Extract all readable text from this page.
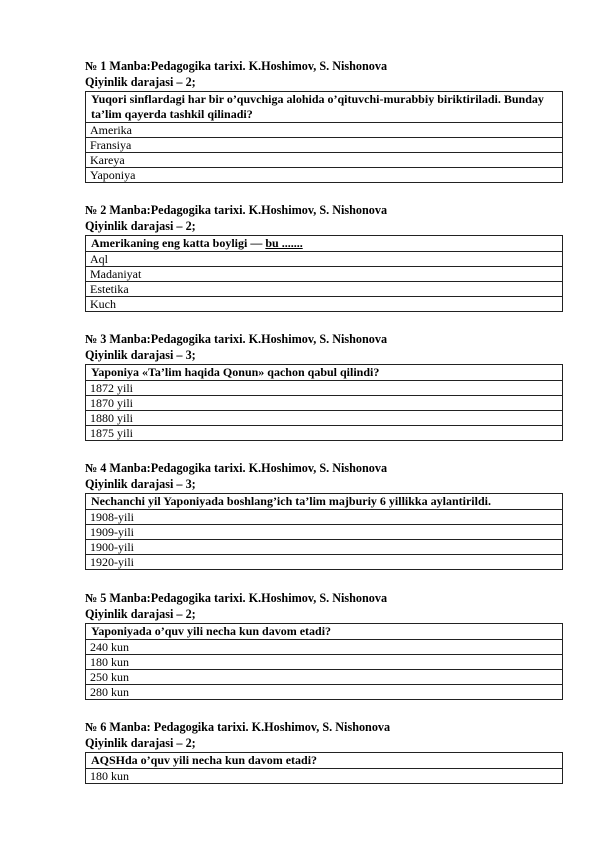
№ 1 Manba:Pedagogika tarixi. K.Hoshimov, S. Nishonova
Qiyinlik darajasi – 2;
Yuqori sinflardagi har bir o’quvchiga alohida o’qituvchi-murabbiy biriktiriladi. Bunday ta’lim qayerda tashkil qilinadi?
Amerika
Fransiya
Kareya
Yaponiya
№ 2 Manba:Pedagogika tarixi. K.Hoshimov, S. Nishonova
Qiyinlik darajasi – 2;
Amerikaning eng katta boyligi — bu .......
Aql
Madaniyat
Estetika
Kuch
№ 3 Manba:Pedagogika tarixi. K.Hoshimov, S. Nishonova
Qiyinlik darajasi – 3;
Yaponiya «Ta’lim haqida Qonun» qachon qabul qilindi?
1872 yili
1870 yili
1880 yili
1875 yili
№ 4 Manba:Pedagogika tarixi. K.Hoshimov, S. Nishonova
Qiyinlik darajasi – 3;
Nechanchi yil Yaponiyada boshlang’ich ta’lim majburiy 6 yillikka aylantirildi.
1908-yili
1909-yili
1900-yili
1920-yili
№ 5 Manba:Pedagogika tarixi. K.Hoshimov, S. Nishonova
Qiyinlik darajasi – 2;
Yaponiyada o’quv yili necha kun davom etadi?
240 kun
180 kun
250 kun
280 kun
№ 6 Manba: Pedagogika tarixi. K.Hoshimov, S. Nishonova
Qiyinlik darajasi – 2;
AQSHda o’quv yili necha kun davom etadi?
180 kun
